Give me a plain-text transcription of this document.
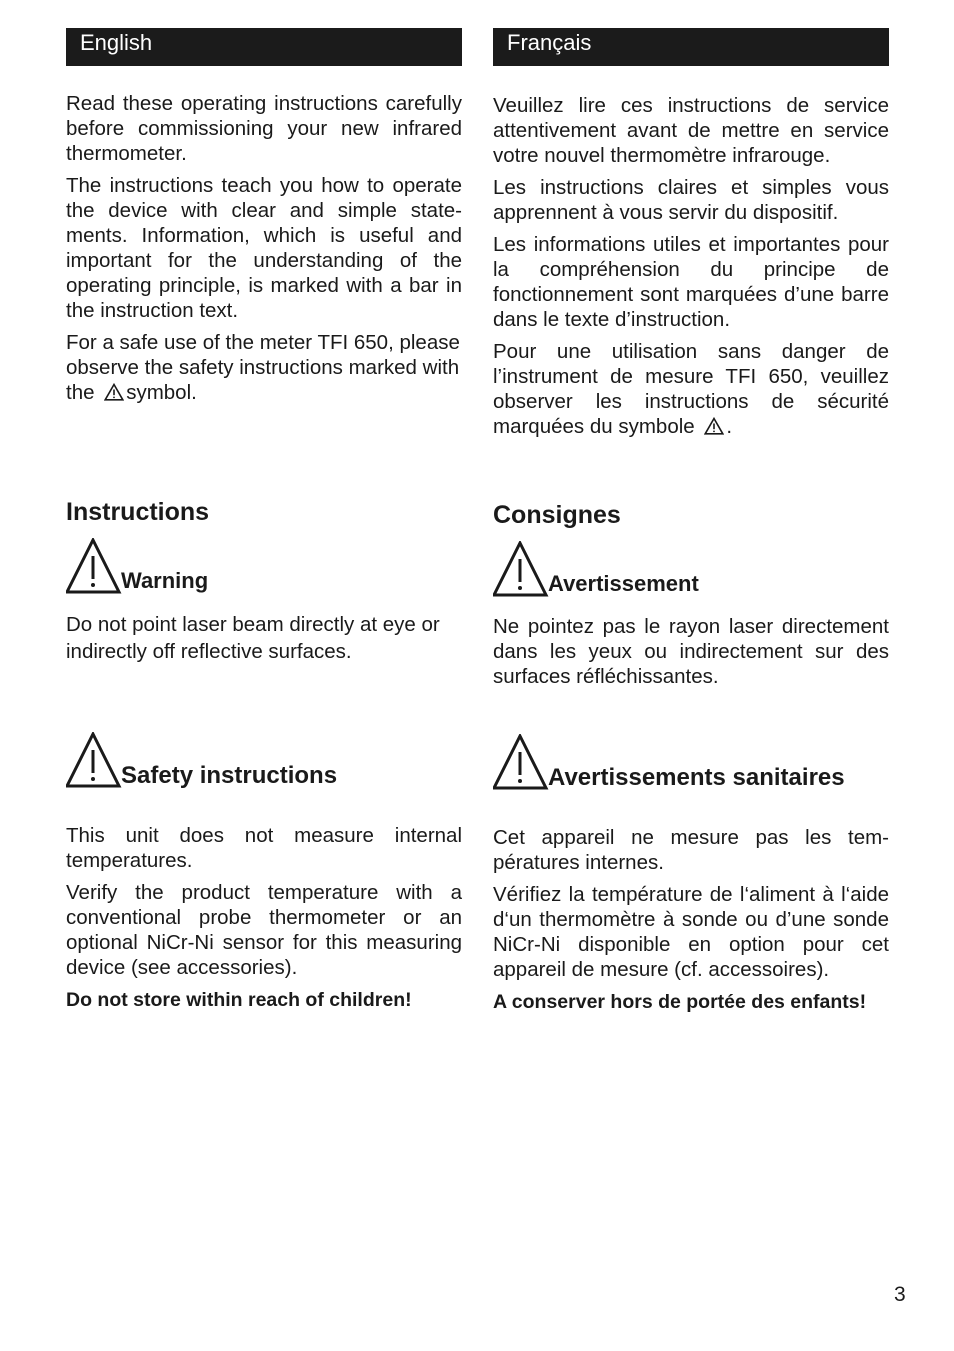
English

Read these operating instructions carefully before commissioning your new infrared thermometer.

The instructions teach you how to operate the device with clear and simple state-ments. Information, which is useful and important for the understanding of the operating principle, is marked with a bar in the instruction text.

For a safe use of the meter TFI 650, please observe the safety instructions marked with the symbol.

Instructions
Warning

Do not point laser beam directly at eye or indirectly off reflective surfaces.

Safety instructions

This unit does not measure internal temperatures.

Verify the product temperature with a conventional probe thermometer or an optional NiCr-Ni sensor for this measuring device (see accessories).

Do not store within reach of children!

Français

Veuillez lire ces instructions de service attentivement avant de mettre en service votre nouvel thermomètre infrarouge.

Les instructions claires et simples vous apprennent à vous servir du dispositif.

Les informations utiles et importantes pour la compréhension du principe de fonctionnement sont marquées d’une barre dans le texte d’instruction.

Pour une utilisation sans danger de l’instrument de mesure TFI 650, veuillez observer les instructions de sécurité marquées du symbole .

Consignes
Avertissement

Ne pointez pas le rayon laser directement dans les yeux ou indirectement sur des surfaces réfléchissantes.

Avertissements sanitaires

Cet appareil ne mesure pas les températures internes.

Vérifiez la température de l‘aliment à l‘aide d‘un thermomètre à sonde ou d’une sonde NiCr-Ni disponible en option pour cet appareil de mesure (cf. accessoires).

A conserver hors de portée des enfants!

3
